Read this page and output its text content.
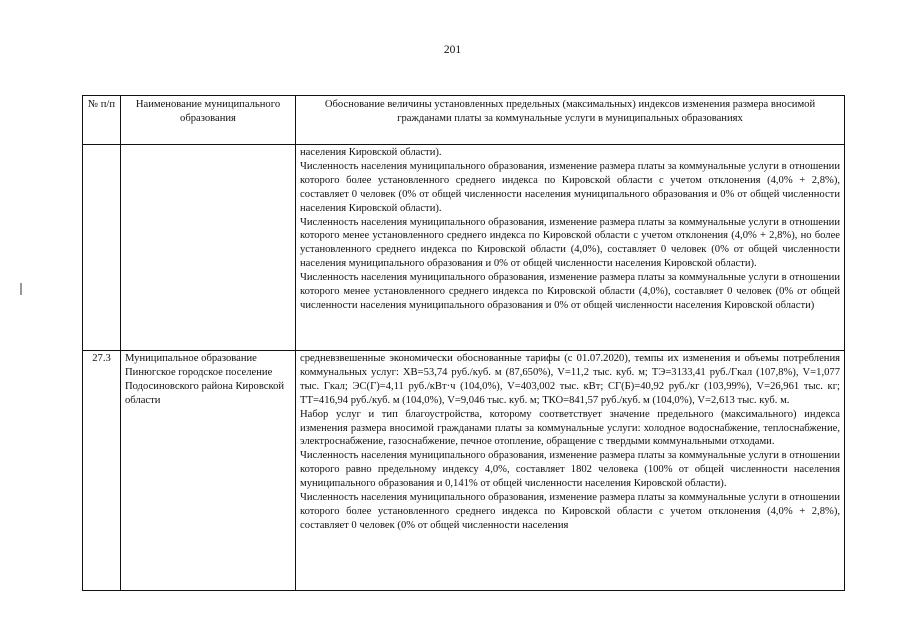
201
№ п/п	Наименование муниципального образования	Обоснование величины установленных предельных (максимальных) индексов изменения размера вносимой гражданами платы за коммунальные услуги в муниципальных образованиях

		населения Кировской области).

Численность населения муниципального образования, изменение размера платы за коммунальные услуги в отношении которого более установленного среднего индекса по Кировской области с учетом отклонения (4,0% + 2,8%), составляет 0 человек (0% от общей численности населения муниципального образования и 0% от общей численности населения Кировской области).

Численность населения муниципального образования, изменение размера платы за коммунальные услуги в отношении которого менее установленного среднего индекса по Кировской области с учетом отклонения (4,0% + 2,8%), но более установленного среднего индекса по Кировской области (4,0%), составляет 0 человек (0% от общей численности населения муниципального образования и 0% от общей численности населения Кировской области).

Численность населения муниципального образования, изменение размера платы за коммунальные услуги в отношении которого менее установленного среднего индекса по Кировской области (4,0%), составляет 0 человек (0% от общей численности населения муниципального образования и 0% от общей численности населения Кировской области)

27.3	Муниципальное образование Пинюгское городское поселение Подосиновского района Кировской области	средневзвешенные экономически обоснованные тарифы (с 01.07.2020), темпы их изменения и объемы потребления коммунальных услуг: ХВ=53,74 руб./куб. м (87,650%), V=11,2 тыс. куб. м; ТЭ=3133,41 руб./Гкал (107,8%), V=1,077 тыс. Гкал; ЭС(Г)=4,11 руб./кВт·ч (104,0%), V=403,002 тыс. кВт; СГ(Б)=40,92 руб./кг (103,99%), V=26,961 тыс. кг; ТТ=416,94 руб./куб. м (104,0%), V=9,046 тыс. куб. м; ТКО=841,57 руб./куб. м (104,0%), V=2,613 тыс. куб. м.

Набор услуг и тип благоустройства, которому соответствует значение предельного (максимального) индекса изменения размера вносимой гражданами платы за коммунальные услуги: холодное водоснабжение, теплоснабжение, электроснабжение, газоснабжение, печное отопление, обращение с твердыми коммунальными отходами.

Численность населения муниципального образования, изменение размера платы за коммунальные услуги в отношении которого равно предельному индексу 4,0%, составляет 1802 человека (100% от общей численности населения муниципального образования и 0,141% от общей численности населения Кировской области).

Численность населения муниципального образования, изменение размера платы за коммунальные услуги в отношении которого более установленного среднего индекса по Кировской области с учетом отклонения (4,0% + 2,8%), составляет 0 человек (0% от общей численности населения
